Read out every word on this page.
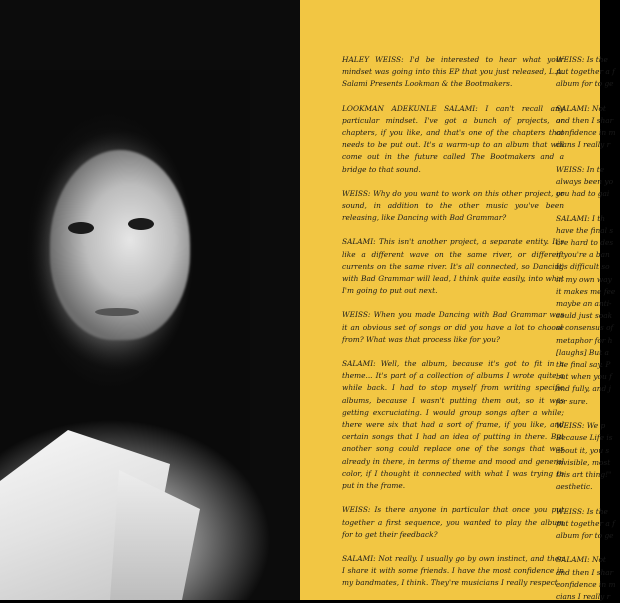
HALEY WEISS: I'd be interested to hear what your mindset was going into this EP that you just released, L.A. Salami Presents Lookman & the Bootmakers.

LOOKMAN ADEKUNLE SALAMI: I can't recall any particular mindset. I've got a bunch of projects, or chapters, if you like, and that's one of the chapters that needs to be put out. It's a warm-up to an album that will come out in the future called The Bootmakers and a bridge to that sound.

WEISS: Why do you want to work on this other project, or sound, in addition to the other music you've been releasing, like Dancing with Bad Grammar?

SALAMI: This isn't another project, a separate entity. It's like a different wave on the same river, or different currents on the same river. It's all connected, so Dancing with Bad Grammar will lead, I think quite easily, into what I'm going to put out next.

WEISS: When you made Dancing with Bad Grammar was it an obvious set of songs or did you have a lot to choose from? What was that process like for you?

SALAMI: Well, the album, because it's got to fit in a theme... It's part of a collection of albums I wrote quite a while back. I had to stop myself from writing specific albums, because I wasn't putting them out, so it was getting excruciating. I would group songs after a while; there were six that had a sort of frame, if you like, and certain songs that I had an idea of putting in there. But another song could replace one of the songs that was already in there, in terms of theme and mood and general color, if I thought it connected with what I was trying to put in the frame.

WEISS: Is there anyone in particular that once you put together a first sequence, you wanted to play the album for to get their feedback?

SALAMI: Not really. I usually go by own instinct, and then I share it with some friends. I have the most confidence in my bandmates, I think. They're musicians I really respect.

WEISS: Is the
put together a f
album for to ge

SALAMI: Not
and then I shar
confidence in m
cians I really r

WEISS: In te
always been yo
you had to gai

SALAMI: I th
have the final s
are hard to des
if you're a ban
It's difficult so
in my own way
it makes me fee
maybe an anti-
could just soak
al consensus of
metaphor for h
[laughs] But a
the final say. P
but when you f
and fully, and j
for sure.

WEISS: We p
Because Life is
about it, you s
invisible, most
this art thing!"
aesthetic.

WEISS: Is the
put together a f
album for to ge

SALAMI: Not
and then I shar
confidence in m
cians I really r
